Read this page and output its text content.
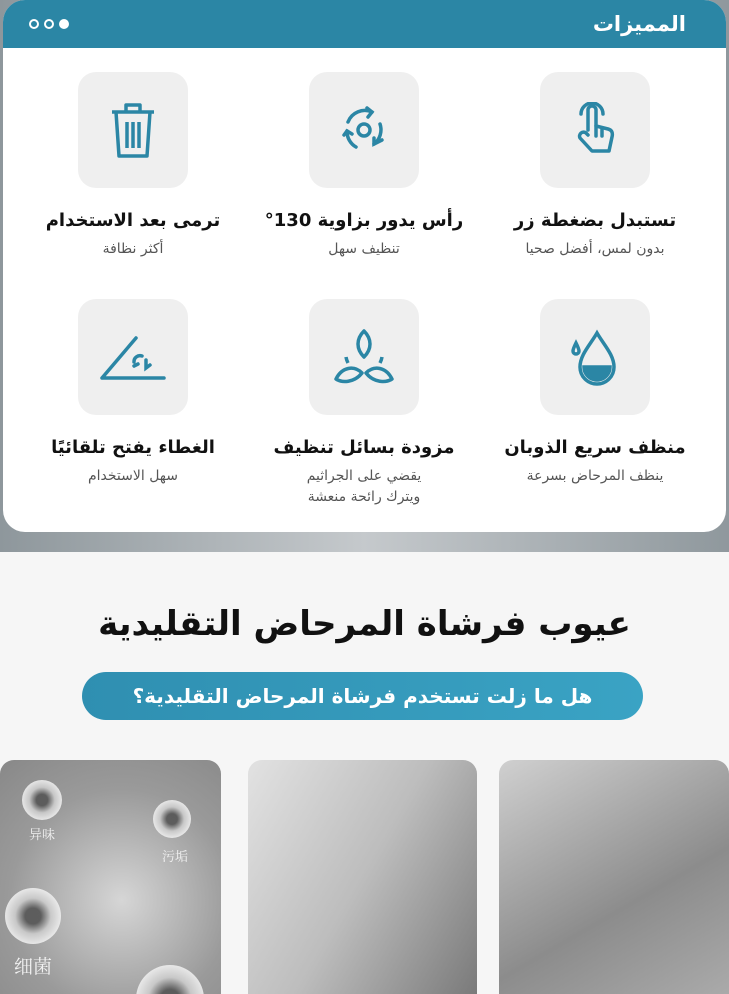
المميزات
تستبدل بضغطة زر
بدون لمس، أفضل صحيا
رأس يدور بزاوية 130°
تنظيف سهل
ترمى بعد الاستخدام
أكثر نظافة
منظف سريع الذوبان
ينظف المرحاض بسرعة
مزودة بسائل تنظيف
يقضي على الجراثيم
ويترك رائحة منعشة
الغطاء يفتح تلقائيًا
سهل الاستخدام
عيوب فرشاة المرحاض التقليدية
هل ما زلت تستخدم فرشاة المرحاض التقليدية؟
异味
污垢
细菌
